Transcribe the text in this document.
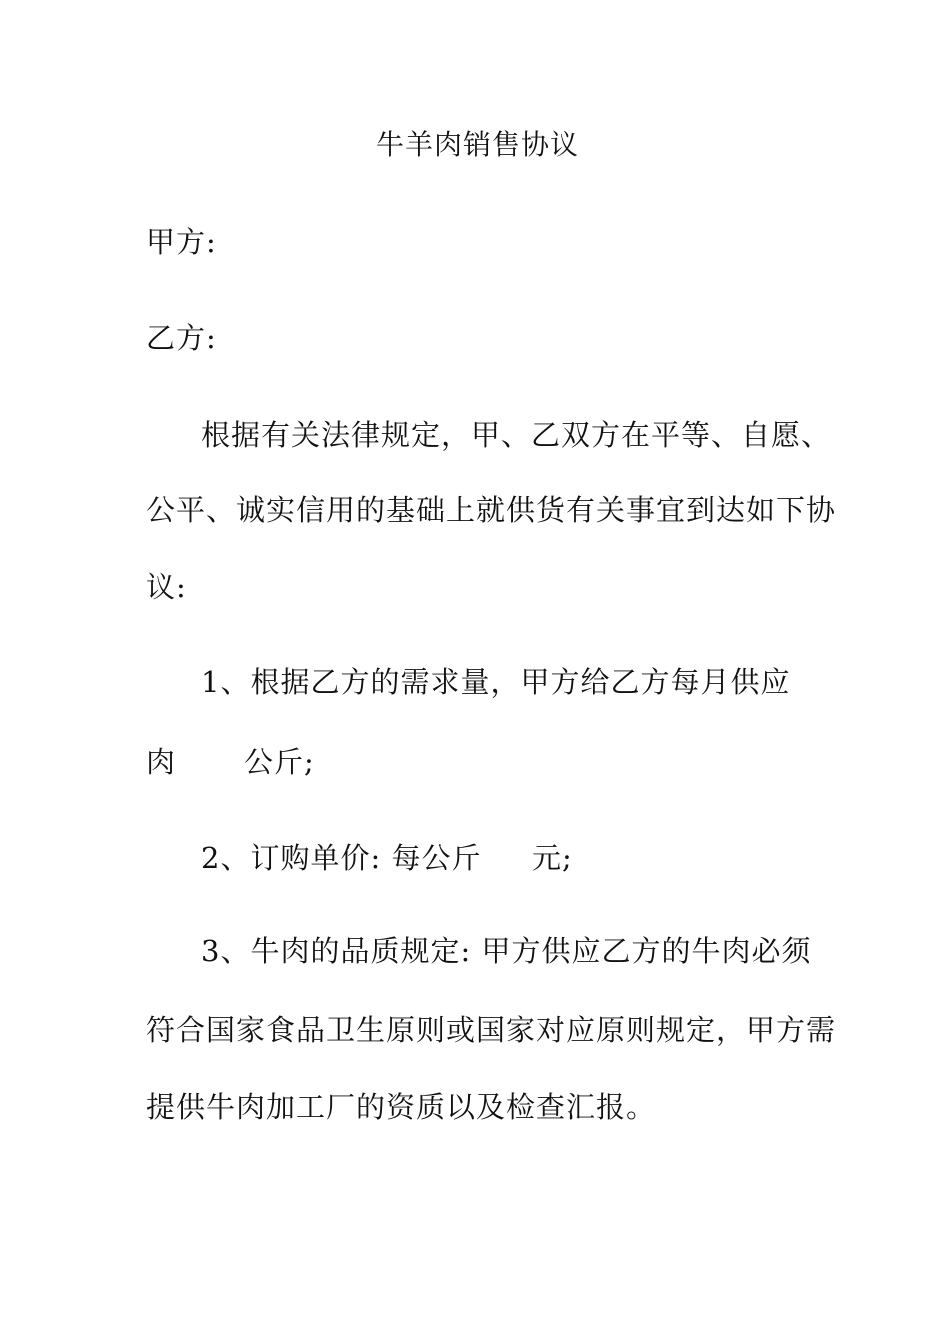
牛羊肉销售协议
甲方:
乙方:
根据有关法律规定，甲、乙双方在平等、自愿、
公平、诚实信用的基础上就供货有关事宜到达如下协
议:
1、根据乙方的需求量，甲方给乙方每月供应
肉 公斤;
2、订购单价: 每公斤 元;
3、牛肉的品质规定: 甲方供应乙方的牛肉必须
符合国家食品卫生原则或国家对应原则规定，甲方需
提供牛肉加工厂的资质以及检查汇报。
